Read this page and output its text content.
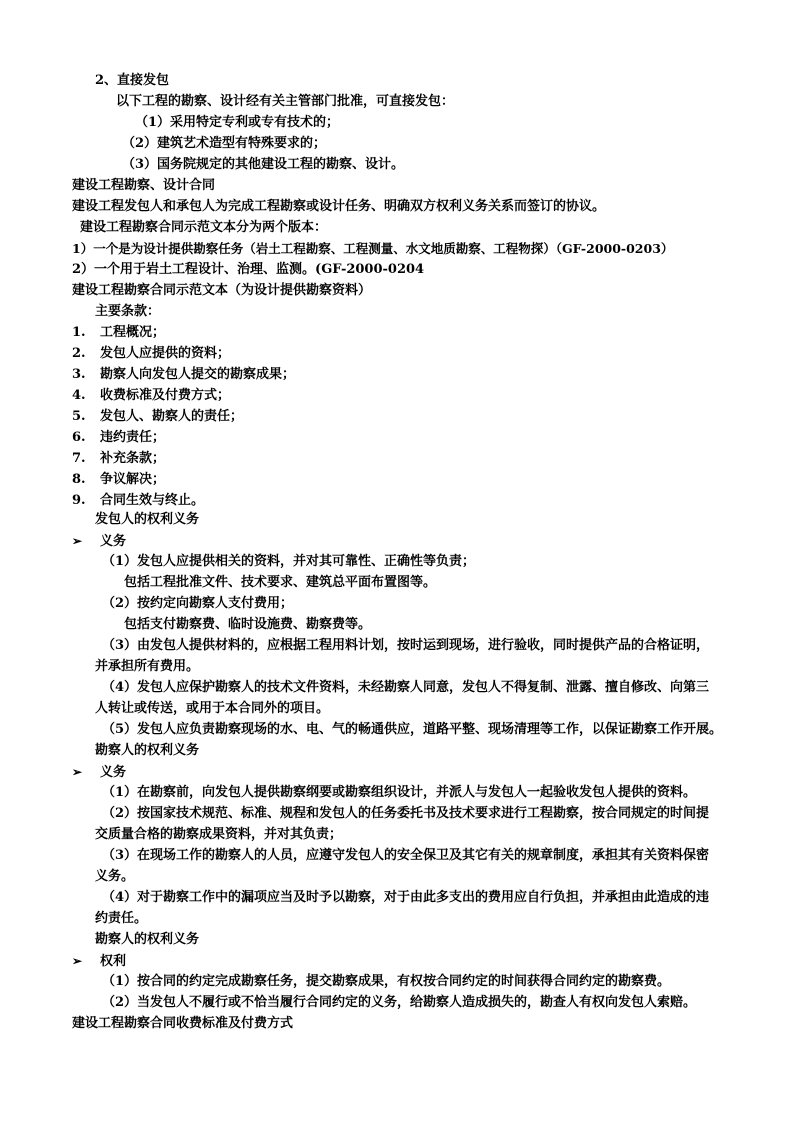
2、直接发包
以下工程的勘察、设计经有关主管部门批准，可直接发包：
（1）采用特定专利或专有技术的；
（2）建筑艺术造型有特殊要求的；
（3）国务院规定的其他建设工程的勘察、设计。
建设工程勘察、设计合同
建设工程发包人和承包人为完成工程勘察或设计任务、明确双方权利义务关系而签订的协议。
建设工程勘察合同示范文本分为两个版本：
1）一个是为设计提供勘察任务（岩土工程勘察、工程测量、水文地质勘察、工程物探）（GF-2000-0203）
2）一个用于岩土工程设计、治理、监测。(GF-2000-0204
建设工程勘察合同示范文本（为设计提供勘察资料）
主要条款：
1. 工程概况；
2. 发包人应提供的资料；
3. 勘察人向发包人提交的勘察成果；
4. 收费标准及付费方式；
5. 发包人、勘察人的责任；
6. 违约责任；
7. 补充条款；
8. 争议解决；
9. 合同生效与终止。
发包人的权利义务
➢ 义务
（1）发包人应提供相关的资料，并对其可靠性、正确性等负责；
包括工程批准文件、技术要求、建筑总平面布置图等。
（2）按约定向勘察人支付费用；
包括支付勘察费、临时设施费、勘察费等。
（3）由发包人提供材料的，应根据工程用料计划，按时运到现场，进行验收，同时提供产品的合格证明，
并承担所有费用。
（4）发包人应保护勘察人的技术文件资料，未经勘察人同意，发包人不得复制、泄露、擅自修改、向第三
人转让或传送，或用于本合同外的项目。
（5）发包人应负责勘察现场的水、电、气的畅通供应，道路平整、现场清理等工作，以保证勘察工作开展。
勘察人的权利义务
➢ 义务
（1）在勘察前，向发包人提供勘察纲要或勘察组织设计，并派人与发包人一起验收发包人提供的资料。
（2）按国家技术规范、标准、规程和发包人的任务委托书及技术要求进行工程勘察，按合同规定的时间提
交质量合格的勘察成果资料，并对其负责；
（3）在现场工作的勘察人的人员，应遵守发包人的安全保卫及其它有关的规章制度，承担其有关资料保密
义务。
（4）对于勘察工作中的漏项应当及时予以勘察，对于由此多支出的费用应自行负担，并承担由此造成的违
约责任。
勘察人的权利义务
➢ 权利
（1）按合同的约定完成勘察任务，提交勘察成果，有权按合同约定的时间获得合同约定的勘察费。
（2）当发包人不履行或不恰当履行合同约定的义务，给勘察人造成损失的，勘查人有权向发包人索赔。
建设工程勘察合同收费标准及付费方式
